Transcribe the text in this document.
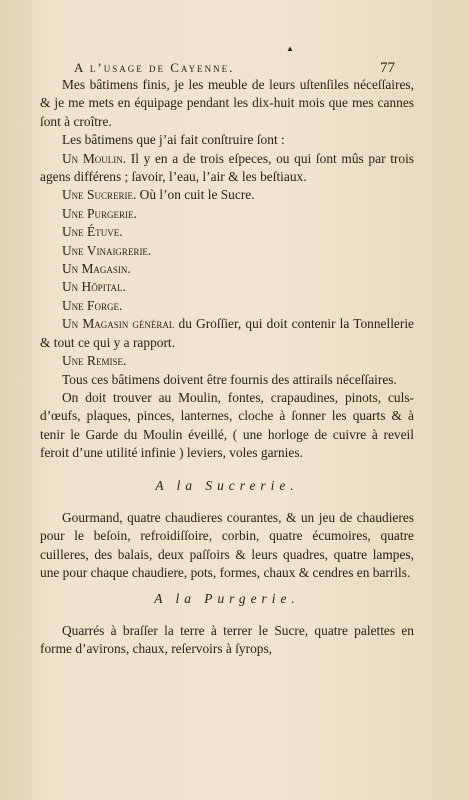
▲
A l’usage de Cayenne.	77

Mes bâtimens finis, je les meuble de leurs uſtenſiles néceſſaires, & je me mets en équipage pendant les dix-huit mois que mes cannes ſont à croître.

Les bâtimens que j’ai fait conſtruire ſont :

Un Moulin. Il y en a de trois eſpeces, ou qui ſont mûs par trois agens différens ; ſavoir, l’eau, l’air & les beſtiaux.

Une Sucrerie. Où l’on cuit le Sucre.

Une Purgerie.

Une Étuve.

Une Vinaigrerie.

Un Magasin.

Un Hôpital.

Une Forge.

Un Magasin général du Groſſier, qui doit contenir la Tonnellerie & tout ce qui y a rapport.

Une Remise.

Tous ces bâtimens doivent être fournis des attirails néceſſaires.

On doit trouver au Moulin, fontes, crapaudines, pinots, culs-d’œufs, plaques, pinces, lanternes, cloche à ſonner les quarts & à tenir le Garde du Moulin éveillé, ( une horloge de cuivre à reveil feroit d’une utilité infinie ) leviers, voles garnies.

A la Sucrerie.

Gourmand, quatre chaudieres courantes, & un jeu de chaudieres pour le beſoin, refroidiſſoire, corbin, quatre écumoires, quatre cuilleres, des balais, deux paſſoirs & leurs quadres, quatre lampes, une pour chaque chaudiere, pots, formes, chaux & cendres en barrils.

A la Purgerie.

Quarrés à braſſer la terre à terrer le Sucre, quatre palettes en forme d’avirons, chaux, reſervoirs à ſyrops,
